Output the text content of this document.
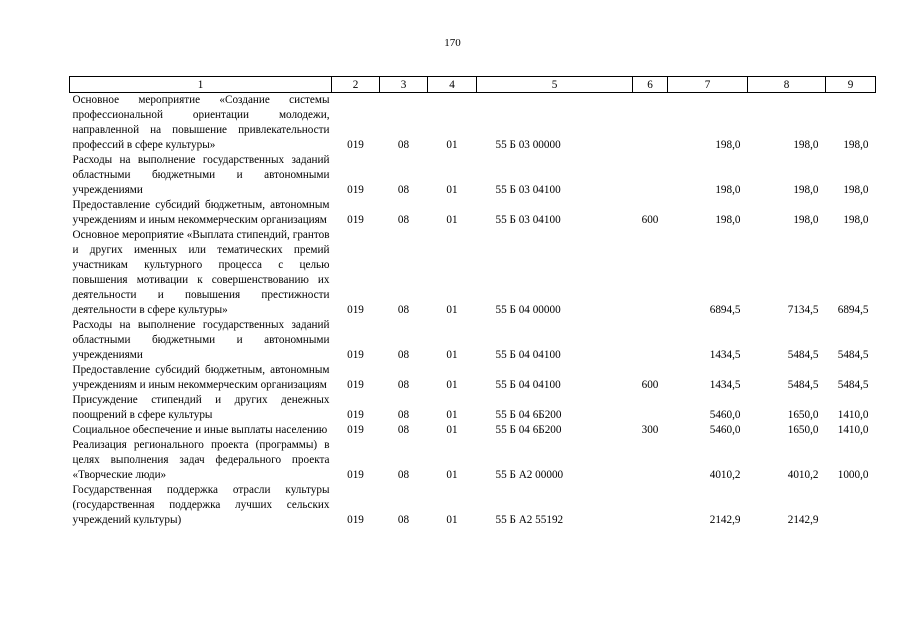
170
1	2	3	4	5	6	7	8	9
Основное мероприятие «Создание системы профессиональной ориентации молодежи, направленной на повышение привлекательности профессий в сфере культуры»	019	08	01	55 Б 03 00000		198,0	198,0	198,0
Расходы на выполнение государственных заданий областными бюджетными и автономными учреждениями	019	08	01	55 Б 03 04100		198,0	198,0	198,0
Предоставление субсидий бюджетным, автономным учреждениям и иным некоммерческим организациям	019	08	01	55 Б 03 04100	600	198,0	198,0	198,0
Основное мероприятие «Выплата стипендий, грантов и других именных или тематических премий участникам культурного процесса с целью повышения мотивации к совершенствованию их деятельности и повышения престижности деятельности в сфере культуры»	019	08	01	55 Б 04 00000		6894,5	7134,5	6894,5
Расходы на выполнение государственных заданий областными бюджетными и автономными учреждениями	019	08	01	55 Б 04 04100		1434,5	5484,5	5484,5
Предоставление субсидий бюджетным, автономным учреждениям и иным некоммерческим организациям	019	08	01	55 Б 04 04100	600	1434,5	5484,5	5484,5
Присуждение стипендий и других денежных поощрений в сфере культуры	019	08	01	55 Б 04 6Б200		5460,0	1650,0	1410,0
Социальное обеспечение и иные выплаты населению	019	08	01	55 Б 04 6Б200	300	5460,0	1650,0	1410,0
Реализация регионального проекта (программы) в целях выполнения задач федерального проекта «Творческие люди»	019	08	01	55 Б А2 00000		4010,2	4010,2	1000,0
Государственная поддержка отрасли культуры (государственная поддержка лучших сельских учреждений культуры)	019	08	01	55 Б А2 55192		2142,9	2142,9	
